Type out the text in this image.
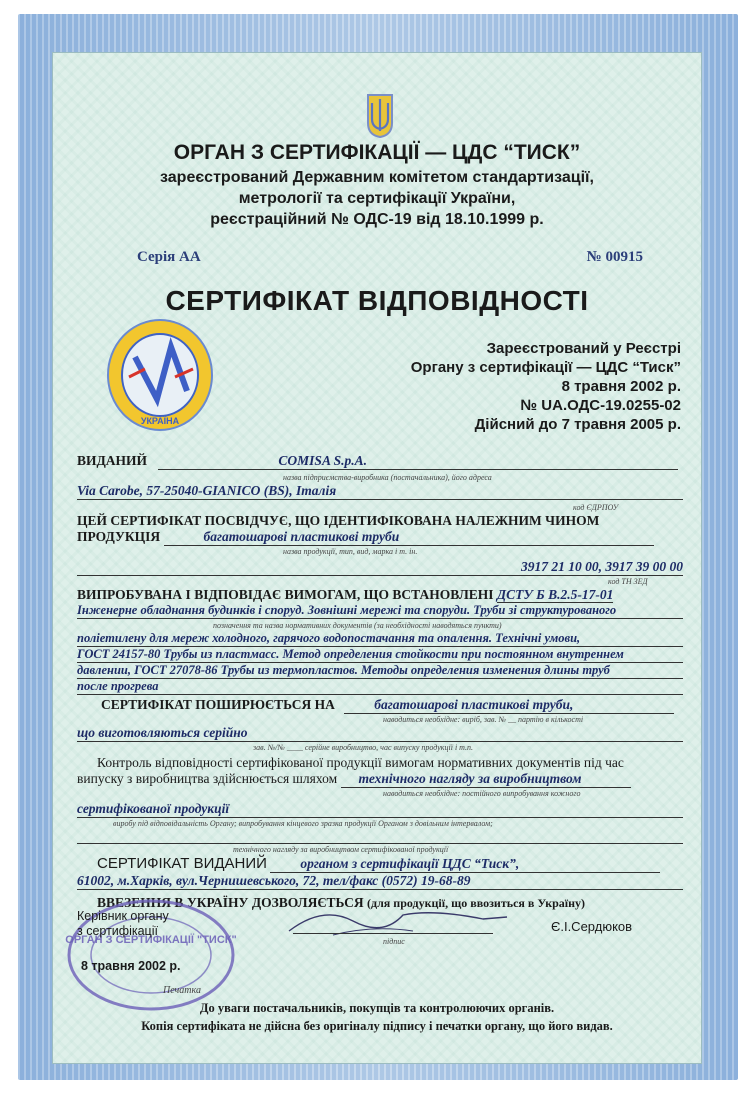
ОРГАН З СЕРТИФІКАЦІЇ — ЦДС “ТИСК”
зареєстрований Державним комітетом стандартизації,
метрології та сертифікації України,
реєстраційний № ОДС-19 від 18.10.1999 р.
Серія АА	№ 00915
СЕРТИФІКАТ ВІДПОВІДНОСТІ
УКРАЇНА
Зареєстрований у Реєстрі
Органу з сертифікації — ЦДС “Тиск”
8 травня 2002 р.
№ UA.ОДС-19.0255-02
Дійсний до 7 травня 2005 р.
ВИДАНИЙ	COMISA S.p.A.
назва підприємства-виробника (постачальника), його адреса
Via Carobe, 57-25040-GIANICO (BS), Італія
код ЄДРПОУ
ЦЕЙ СЕРТИФІКАТ ПОСВІДЧУЄ, ЩО ІДЕНТИФІКОВАНА НАЛЕЖНИМ ЧИНОМ
ПРОДУКЦІЯ	багатошарові пластикові труби
назва продукції, тип, вид, марка і т. ін.
3917 21 10 00, 3917 39 00 00
код ТН ЗЕД
ВИПРОБУВАНА І ВІДПОВІДАЄ ВИМОГАМ, ЩО ВСТАНОВЛЕНІ ДСТУ Б В.2.5-17-01
Інженерне обладнання будинків і споруд. Зовнішні мережі та споруди. Труби зі структурованого
позначення та назва нормативних документів (за необхідності наводяться пункти)
поліетилену для мереж холодного, гарячого водопостачання та опалення. Технічні умови,
ГОСТ 24157-80 Трубы из пластмасс. Метод определения стойкости при постоянном внутреннем
давлении, ГОСТ 27078-86 Трубы из термопластов. Методы определения изменения длины труб
после прогрева
СЕРТИФІКАТ ПОШИРЮЄТЬСЯ НА	багатошарові пластикові труби,
наводиться необхідне: виріб, зав. № __ партію в кількості
що виготовляються серійно
зав. №/№ ____ серійне виробництво, час випуску продукції і т.п.
Контроль відповідності сертифікованої продукції вимогам нормативних документів під час
випуску з виробництва здійснюється шляхом технічного нагляду за виробництвом
наводиться необхідне: постійного випробування кожного
сертифікованої продукції
виробу під відповідальність Органу; випробування кінцевого зразка продукції Органом з довільним інтервалом;
технічного нагляду за виробництвом сертифікованої продукції
СЕРТИФІКАТ ВИДАНИЙ органом з сертифікації ЦДС “Тиск”,
61002, м.Харків, вул.Чернишевського, 72, тел/факс (0572) 19-68-89
ВВЕЗЕННЯ В УКРАЇНУ ДОЗВОЛЯЄТЬСЯ (для продукції, що ввозиться в Україну)
ОРГАН З СЕРТИФІКАЦІЇ "ТИСК"
Керівник органу
з сертифікації
8 травня 2002 р.
підпис
Є.І.Сердюков
Печатка
До уваги постачальників, покупців та контролюючих органів.
Копія сертифіката не дійсна без оригіналу підпису і печатки органу, що його видав.
